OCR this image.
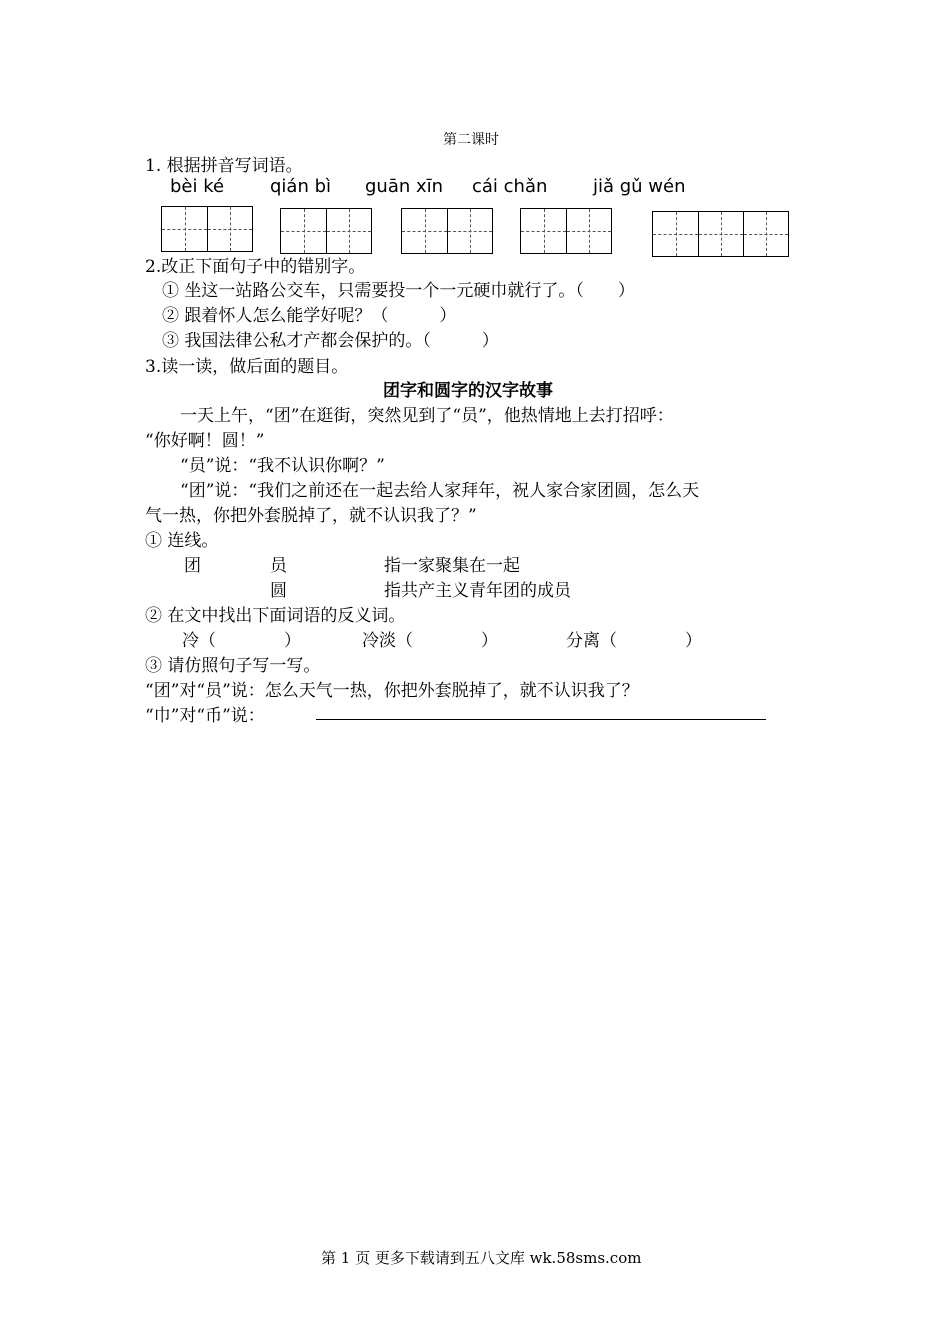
第二课时
1. 根据拼音写词语。
bèi ké	qián bì guān xīn cái chǎn	jiǎ gǔ wén
2.改正下面句子中的错别字。
① 坐这一站路公交车，只需要投一个一元硬巾就行了。（　　）
② 跟着怀人怎么能学好呢？（　　　）
③ 我国法律公私才产都会保护的。（　　　）
3.读一读，做后面的题目。
团字和圆字的汉字故事
一天上午，“团”在逛街，突然见到了“员”，他热情地上去打招呼：
“你好啊！圆！”
“员”说：“我不认识你啊？”
“团”说：“我们之前还在一起去给人家拜年，祝人家合家团圆，怎么天
气一热，你把外套脱掉了，就不认识我了？”
① 连线。
团	员
圆
指一家聚集在一起
指共产主义青年团的成员
② 在文中找出下面词语的反义词。
冷（　　　　）	冷淡（　　　　）	分离（　　　　）
③ 请仿照句子写一写。
“团”对“员”说：怎么天气一热，你把外套脱掉了，就不认识我了？
“巾”对“币”说：
第 1 页 更多下载请到五八文库 wk.58sms.com
